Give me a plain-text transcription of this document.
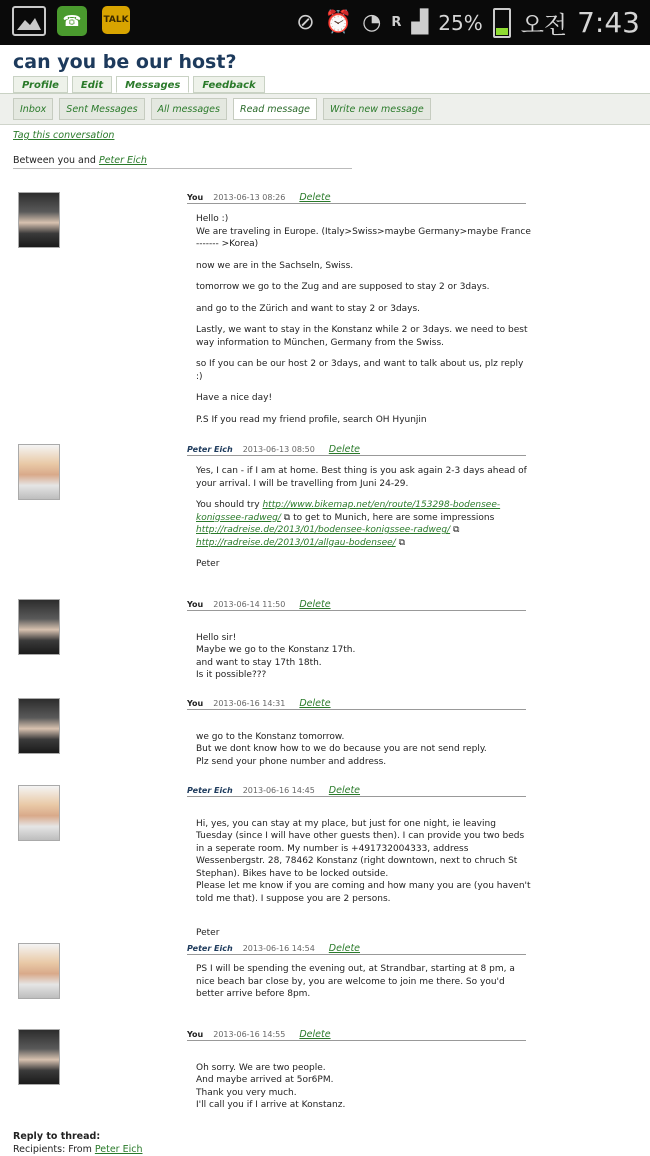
☎	TALK	⊘ ⏰ ◔ R ▟ 25% 오전 7:43
can you be our host?
Profile	Edit	Messages	Feedback
Inbox	Sent Messages	All messages	Read message	Write new message
Tag this conversation
Between you and Peter Eich
You 2013-06-13 08:26 Delete

Hello :)

We are traveling in Europe. (Italy>Swiss>maybe Germany>maybe France ------- >Korea)

now we are in the Sachseln, Swiss.

tomorrow we go to the Zug and are supposed to stay 2 or 3days.

and go to the Zürich and want to stay 2 or 3days.

Lastly, we want to stay in the Konstanz while 2 or 3days. we need to best way information to München, Germany from the Swiss.

so If you can be our host 2 or 3days, and want to talk about us, plz reply :)

Have a nice day!

P.S If you read my friend profile, search OH Hyunjin

Peter Eich 2013-06-13 08:50 Delete

Yes, I can - if I am at home. Best thing is you ask again 2-3 days ahead of your arrival. I will be travelling from Juni 24-29.

You should try http://www.bikemap.net/en/route/153298-bodensee-konigssee-radweg/ ⧉ to get to Munich, here are some impressions
http://radreise.de/2013/01/bodensee-konigssee-radweg/ ⧉
http://radreise.de/2013/01/allgau-bodensee/ ⧉

Peter

You 2013-06-14 11:50 Delete

Hello sir!
Maybe we go to the Konstanz 17th.
and want to stay 17th 18th.
Is it possible???

You 2013-06-16 14:31 Delete

we go to the Konstanz tomorrow.
But we dont know how to we do because you are not send reply.
Plz send your phone number and address.

Peter Eich 2013-06-16 14:45 Delete

Hi, yes, you can stay at my place, but just for one night, ie leaving Tuesday (since I will have other guests then). I can provide you two beds in a seperate room. My number is +491732004333, address Wessenbergstr. 28, 78462 Konstanz (right downtown, next to chruch St Stephan). Bikes have to be locked outside.
Please let me know if you are coming and how many you are (you haven't told me that). I suppose you are 2 persons.

Peter

Peter Eich 2013-06-16 14:54 Delete

PS I will be spending the evening out, at Strandbar, starting at 8 pm, a nice beach bar close by, you are welcome to join me there. So you'd better arrive before 8pm.

You 2013-06-16 14:55 Delete

Oh sorry. We are two people.
And maybe arrived at 5or6PM.
Thank you very much.
I'll call you if I arrive at Konstanz.

Reply to thread:
Recipients: From Peter Eich
